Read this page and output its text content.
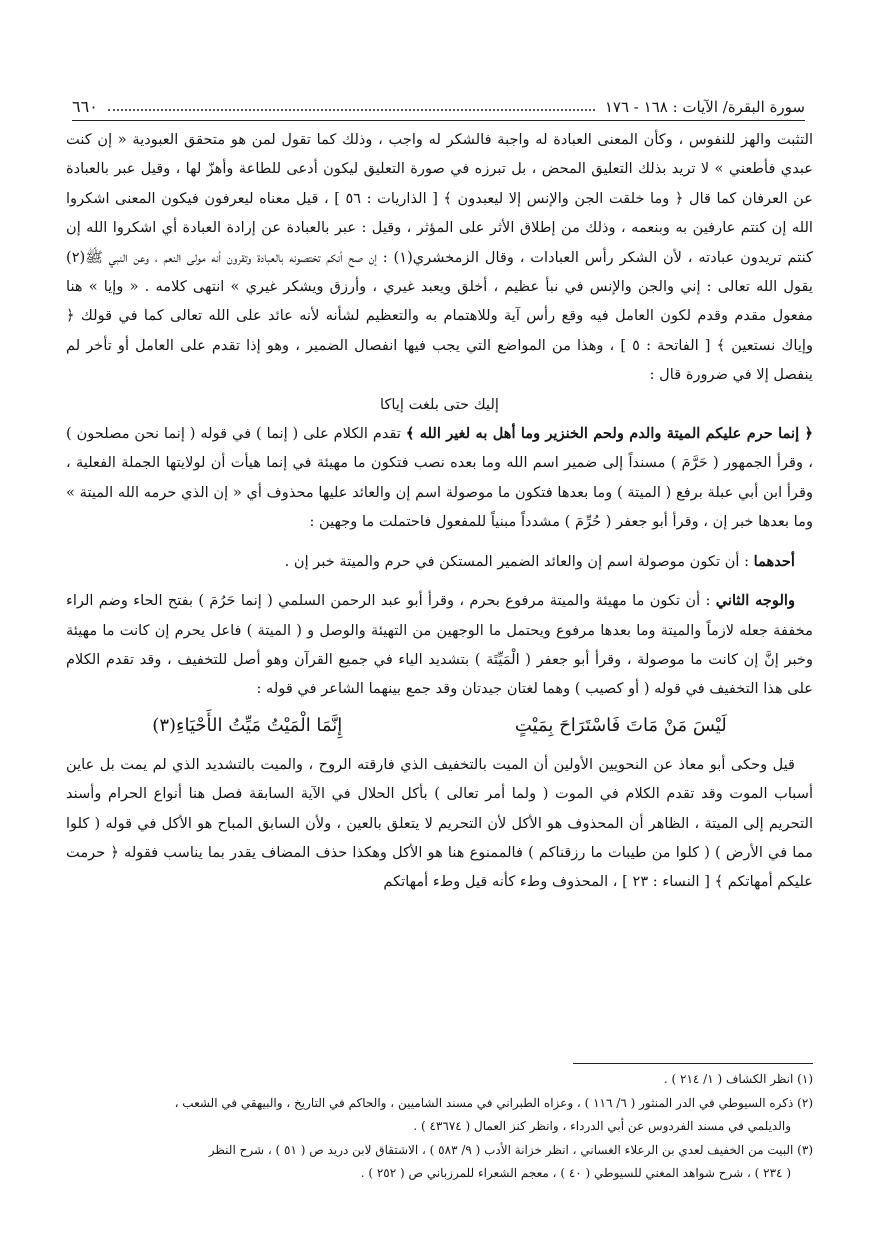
سورة البقرة/ الآيات : ١٦٨ - ١٧٦
٦٦٠

التثبت والهز للنفوس ، وكأن المعنى العبادة له واجبة فالشكر له واجب ، وذلك كما تقول لمن هو متحقق العبودية « إن كنت عبدي فأطعني » لا تريد بذلك التعليق المحض ، بل تبرزه في صورة التعليق ليكون أدعى للطاعة وأهزّ لها ، وقيل عبر بالعبادة عن العرفان كما قال ﴿ وما خلقت الجن والإنس إلا ليعبدون ﴾ [ الذاريات : ٥٦ ] ، قيل معناه ليعرفون فيكون المعنى اشكروا الله إن كنتم عارفين به وبنعمه ، وذلك من إطلاق الأثر على المؤثر ، وقيل : عبر بالعبادة عن إرادة العبادة أي اشكروا الله إن كنتم تريدون عبادته ، لأن الشكر رأس العبادات ، وقال الزمخشري(١) : إن صح أنكم تختصونه بالعبادة وتقرون أنه مولى النعم ، وعن النبي ﷺ(٢) يقول الله تعالى : إني والجن والإنس في نبأ عظيم ، أخلق ويعبد غيري ، وأرزق ويشكر غيري » انتهى كلامه . « وإيا » هنا مفعول مقدم وقدم لكون العامل فيه وقع رأس آية وللاهتمام به والتعظيم لشأنه لأنه عائد على الله تعالى كما في قولك ﴿ وإياك نستعين ﴾ [ الفاتحة : ٥ ] ، وهذا من المواضع التي يجب فيها انفصال الضمير ، وهو إذا تقدم على العامل أو تأخر لم ينفصل إلا في ضرورة قال :

إليك حتى بلغت إياكا

﴿ إنما حرم عليكم الميتة والدم ولحم الخنزير وما أهل به لغير الله ﴾ تقدم الكلام على ( إنما ) في قوله ( إنما نحن مصلحون ) ، وقرأ الجمهور ( حَرَّمَ ) مسنداً إلى ضمير اسم الله وما بعده نصب فتكون ما مهيئة في إنما هيأت أن لولايتها الجملة الفعلية ، وقرأ ابن أبي عبلة برفع ( الميتة ) وما بعدها فتكون ما موصولة اسم إن والعائد عليها محذوف أي « إن الذي حرمه الله الميتة » وما بعدها خبر إن ، وقرأ أبو جعفر ( حُرِّمَ ) مشدداً مبنياً للمفعول فاحتملت ما وجهين :

أحدهما : أن تكون موصولة اسم إن والعائد الضمير المستكن في حرم والميتة خبر إن .

والوجه الثاني : أن تكون ما مهيئة والميتة مرفوع بحرم ، وقرأ أبو عبد الرحمن السلمي ( إنما حَرُمَ ) بفتح الحاء وضم الراء مخففة جعله لازماً والميتة وما بعدها مرفوع ويحتمل ما الوجهين من التهيئة والوصل و ( الميتة ) فاعل يحرم إن كانت ما مهيئة وخبر إنَّ إن كانت ما موصولة ، وقرأ أبو جعفر ( الْمَيِّتَة ) بتشديد الياء في جميع القرآن وهو أصل للتخفيف ، وقد تقدم الكلام على هذا التخفيف في قوله ( أو كصيب ) وهما لغتان جيدتان وقد جمع بينهما الشاعر في قوله :

لَيْسَ مَنْ مَاتَ فَاسْتَرَاحَ بِمَيْتٍ
إِنَّمَا الْمَيْتُ مَيِّتُ الأَحْيَاءِ(٣)

قيل وحكى أبو معاذ عن النحويين الأولين أن الميت بالتخفيف الذي فارقته الروح ، والميت بالتشديد الذي لم يمت بل عاين أسباب الموت وقد تقدم الكلام في الموت ( ولما أمر تعالى ) بأكل الحلال في الآية السابقة فصل هنا أنواع الحرام وأسند التحريم إلى الميتة ، الظاهر أن المحذوف هو الأكل لأن التحريم لا يتعلق بالعين ، ولأن السابق المباح هو الأكل في قوله ( كلوا مما في الأرض ) ( كلوا من طيبات ما رزقناكم ) فالممنوع هنا هو الأكل وهكذا حذف المضاف يقدر بما يناسب فقوله ﴿ حرمت عليكم أمهاتكم ﴾ [ النساء : ٢٣ ] ، المحذوف وطء كأنه قيل وطء أمهاتكم

(١) انظر الكشاف ( ١/ ٢١٤ ) .

(٢) ذكره السيوطي في الدر المنثور ( ٦/ ١١٦ ) ، وعزاه الطبراني في مسند الشاميين ، والحاكم في التاريخ ، والبيهقي في الشعب ،

والديلمي في مسند الفردوس عن أبي الدرداء ، وانظر كنز العمال ( ٤٣٦٧٤ ) .

(٣) البيت من الخفيف لعدي بن الرعلاء الغساني ، انظر خزانة الأدب ( ٩/ ٥٨٣ ) ، الاشتقاق لابن دريد ص ( ٥١ ) ، شرح النظر

( ٢٣٤ ) ، شرح شواهد المغني للسيوطي ( ٤٠ ) ، معجم الشعراء للمرزباني ص ( ٢٥٢ ) .
